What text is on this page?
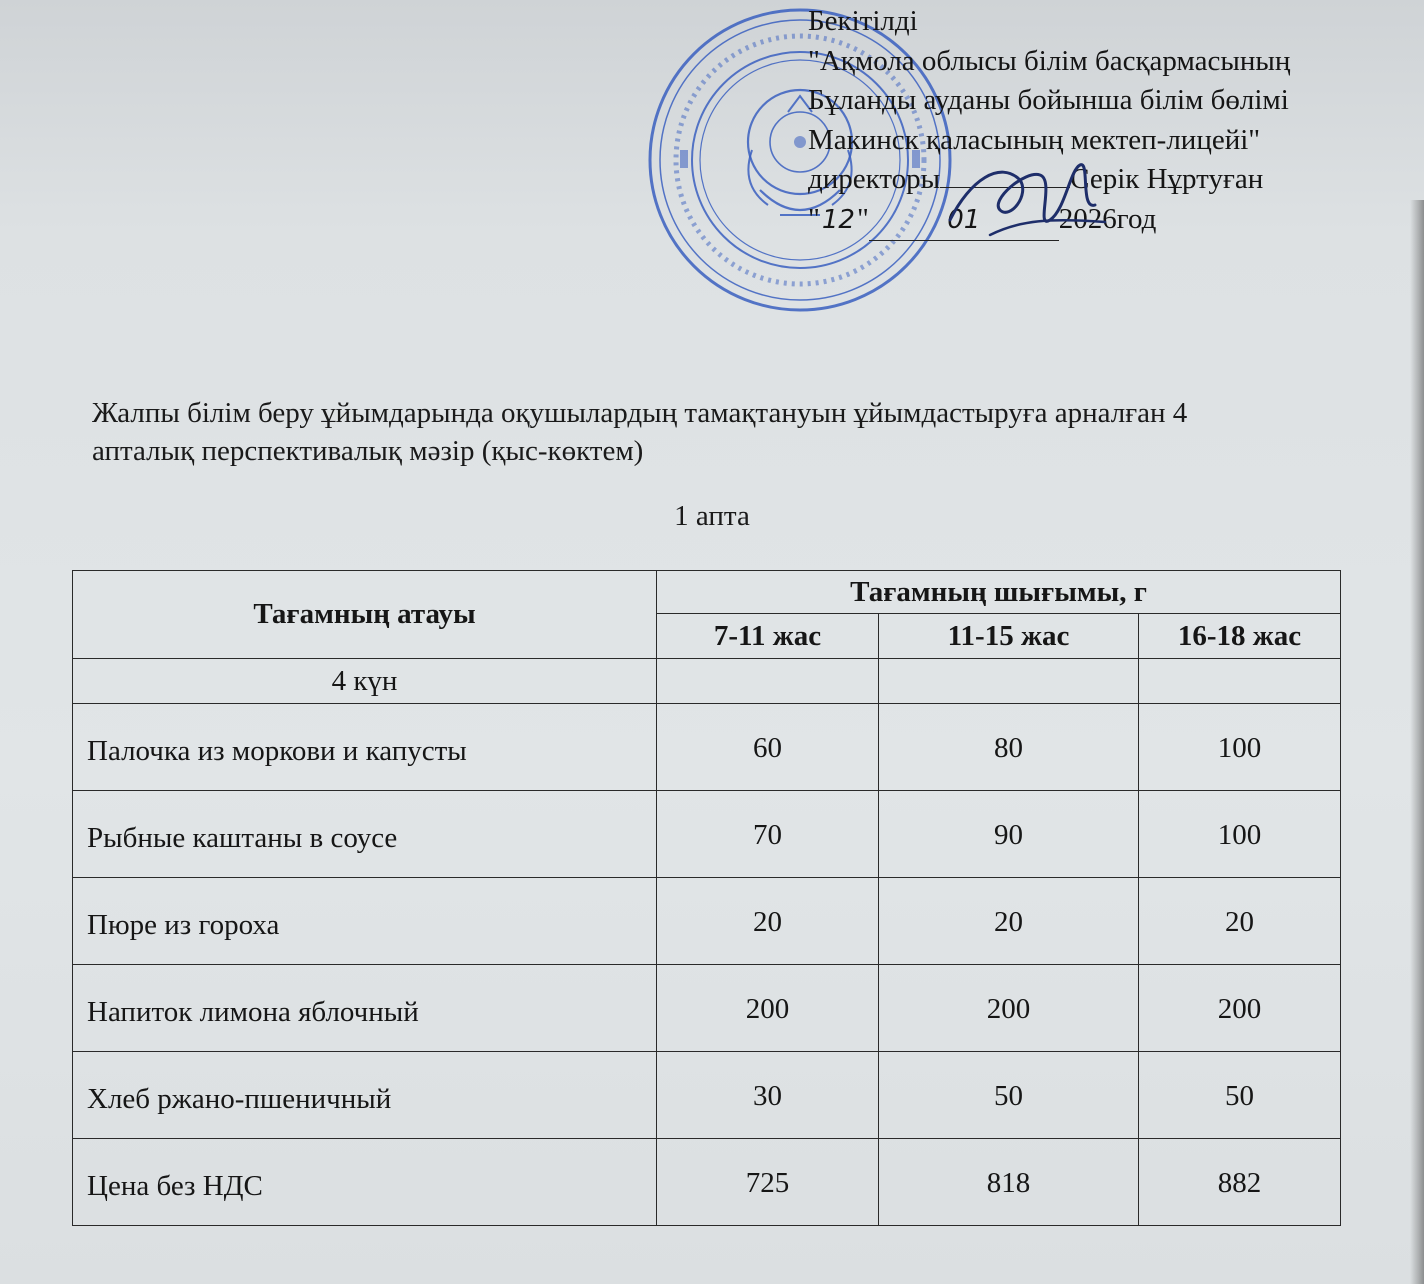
Бекітілді
"Ақмола облысы білім басқармасының
Бұланды ауданы бойынша білім бөлімі
Макинск қаласының мектеп-лицейі"
директоры	Серік Нұртуған
"12"	01	2026год
Жалпы білім беру ұйымдарында оқушылардың тамақтануын ұйымдастыруға арналған 4
апталық перспективалық мәзір (қыс-көктем)
1 апта
Тағамның атауы	Тағамның шығымы, г		
	7-11 жас	11-15 жас	16-18 жас
4 күн			
Палочка из моркови и капусты	60	80	100
Рыбные каштаны в соусе	70	90	100
Пюре из гороха	20	20	20
Напиток лимона яблочный	200	200	200
Хлеб ржано-пшеничный	30	50	50
Цена без НДС	725	818	882
